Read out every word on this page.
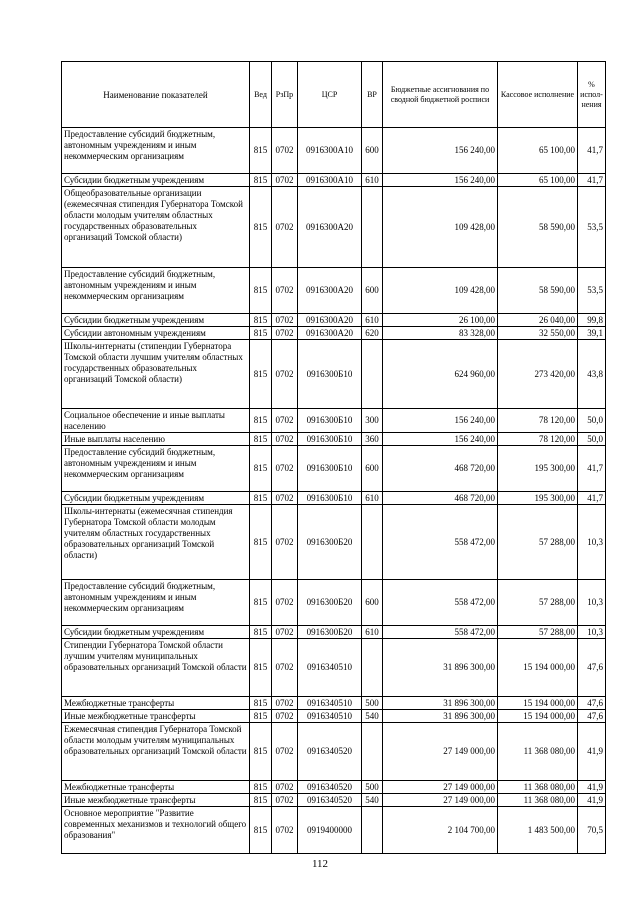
Наименование показателей	Вед	РзПр	ЦСР	ВР	Бюджетные ассигнования по сводной бюджетной росписи	Кассовое исполнение	% испол-нения
Предоставление субсидий бюджетным, автономным учреждениям и иным некоммерческим организациям	815	0702	0916300А10	600	156 240,00	65 100,00	41,7
Субсидии бюджетным учреждениям	815	0702	0916300А10	610	156 240,00	65 100,00	41,7
Общеобразовательные организации (ежемесячная стипендия Губернатора Томской области молодым учителям областных государственных образовательных организаций Томской области)	815	0702	0916300А20		109 428,00	58 590,00	53,5
Предоставление субсидий бюджетным, автономным учреждениям и иным некоммерческим организациям	815	0702	0916300А20	600	109 428,00	58 590,00	53,5
Субсидии бюджетным учреждениям	815	0702	0916300А20	610	26 100,00	26 040,00	99,8
Субсидии автономным учреждениям	815	0702	0916300А20	620	83 328,00	32 550,00	39,1
Школы-интернаты (стипендии Губернатора Томской области лучшим учителям областных государственных образовательных организаций Томской области)	815	0702	0916300Б10		624 960,00	273 420,00	43,8
Социальное обеспечение и иные выплаты населению	815	0702	0916300Б10	300	156 240,00	78 120,00	50,0
Иные выплаты населению	815	0702	0916300Б10	360	156 240,00	78 120,00	50,0
Предоставление субсидий бюджетным, автономным учреждениям и иным некоммерческим организациям	815	0702	0916300Б10	600	468 720,00	195 300,00	41,7
Субсидии бюджетным учреждениям	815	0702	0916300Б10	610	468 720,00	195 300,00	41,7
Школы-интернаты (ежемесячная стипендия Губернатора Томской области молодым учителям областных государственных образовательных организаций Томской области)	815	0702	0916300Б20		558 472,00	57 288,00	10,3
Предоставление субсидий бюджетным, автономным учреждениям и иным некоммерческим организациям	815	0702	0916300Б20	600	558 472,00	57 288,00	10,3
Субсидии бюджетным учреждениям	815	0702	0916300Б20	610	558 472,00	57 288,00	10,3
Стипендии Губернатора Томской области лучшим учителям муниципальных образовательных организаций Томской области	815	0702	0916340510		31 896 300,00	15 194 000,00	47,6
Межбюджетные трансферты	815	0702	0916340510	500	31 896 300,00	15 194 000,00	47,6
Иные межбюджетные трансферты	815	0702	0916340510	540	31 896 300,00	15 194 000,00	47,6
Ежемесячная стипендия Губернатора Томской области молодым учителям муниципальных образовательных организаций Томской области	815	0702	0916340520		27 149 000,00	11 368 080,00	41,9
Межбюджетные трансферты	815	0702	0916340520	500	27 149 000,00	11 368 080,00	41,9
Иные межбюджетные трансферты	815	0702	0916340520	540	27 149 000,00	11 368 080,00	41,9
Основное мероприятие "Развитие современных механизмов и технологий общего образования"	815	0702	0919400000		2 104 700,00	1 483 500,00	70,5
112
